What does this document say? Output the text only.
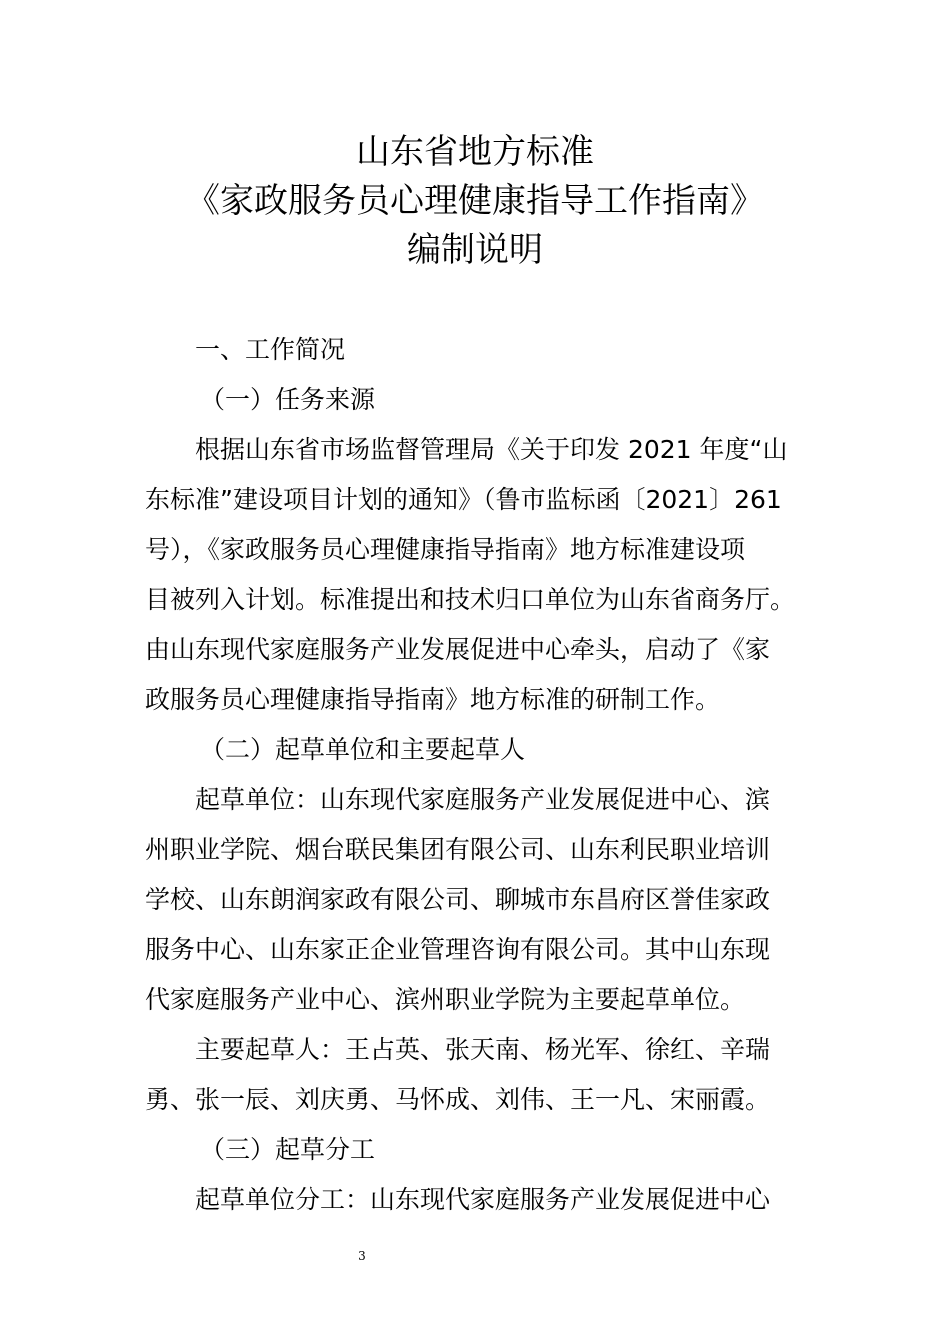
山东省地方标准
《家政服务员心理健康指导工作指南》
编制说明
一、工作简况
（一）任务来源
根据山东省市场监督管理局《关于印发 2021 年度“山
东标准”建设项目计划的通知》（鲁市监标函〔2021〕261
号），《家政服务员心理健康指导指南》地方标准建设项
目被列入计划。标准提出和技术归口单位为山东省商务厅。
由山东现代家庭服务产业发展促进中心牵头，启动了《家
政服务员心理健康指导指南》地方标准的研制工作。
（二）起草单位和主要起草人
起草单位：山东现代家庭服务产业发展促进中心、滨
州职业学院、烟台联民集团有限公司、山东利民职业培训
学校、山东朗润家政有限公司、聊城市东昌府区誉佳家政
服务中心、山东家正企业管理咨询有限公司。其中山东现
代家庭服务产业中心、滨州职业学院为主要起草单位。
主要起草人：王占英、张天南、杨光军、徐红、辛瑞
勇、张一辰、刘庆勇、马怀成、刘伟、王一凡、宋丽霞。
（三）起草分工
起草单位分工：山东现代家庭服务产业发展促进中心
3
